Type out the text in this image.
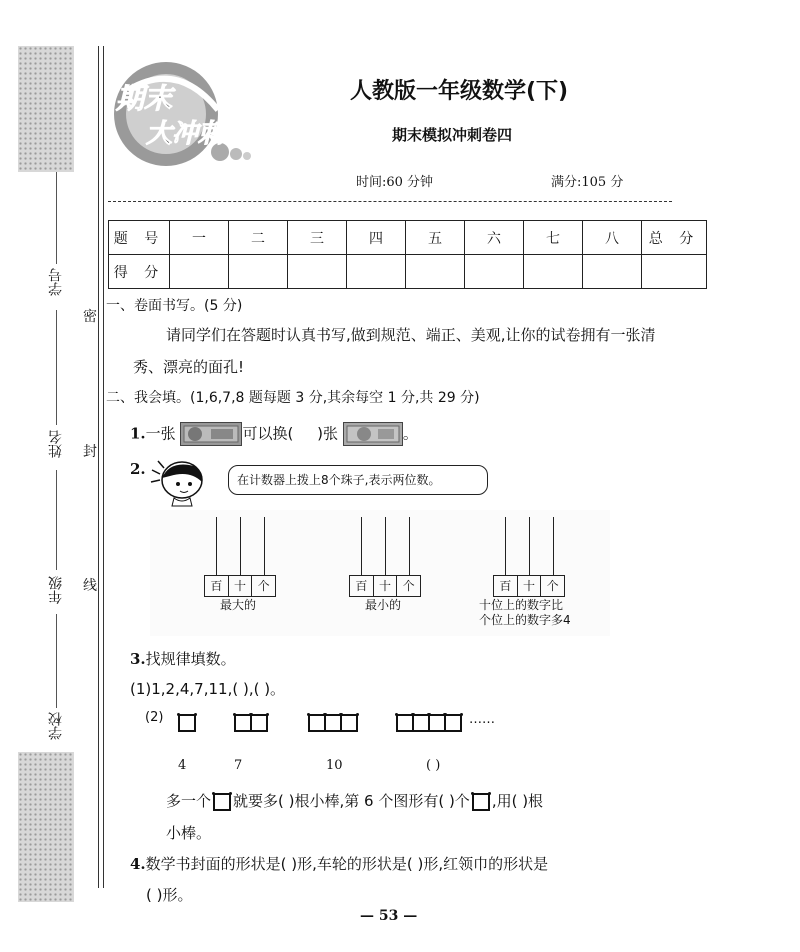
学号
姓名
年级
学校
密
封
线
期末
大冲刺
人教版一年级数学(下)
期末模拟冲刺卷四
时间:60 分钟	满分:105 分
题 号	一	二	三	四	五	六	七	八	总 分
得 分									
一、卷面书写。(5 分)
请同学们在答题时认真书写,做到规范、端正、美观,让你的试卷拥有一张清
秀、漂亮的面孔!
二、我会填。(1,6,7,8 题每题 3 分,其余每空 1 分,共 29 分)
1.一张	可以换( )张	。
2.
在计数器上拨上8个珠子,表示两位数。
百 十 个
最大的
百 十 个
最小的
百 十 个
十位上的数字比
个位上的数字多4
3.找规律填数。
(1)1,2,4,7,11,( ),( )。
(2)	……
4	7	10	( )
多一个 就要多( )根小棒,第 6 个图形有( )个 ,用( )根
小棒。
4.数学书封面的形状是( )形,车轮的形状是( )形,红领巾的形状是
( )形。
— 53 —
